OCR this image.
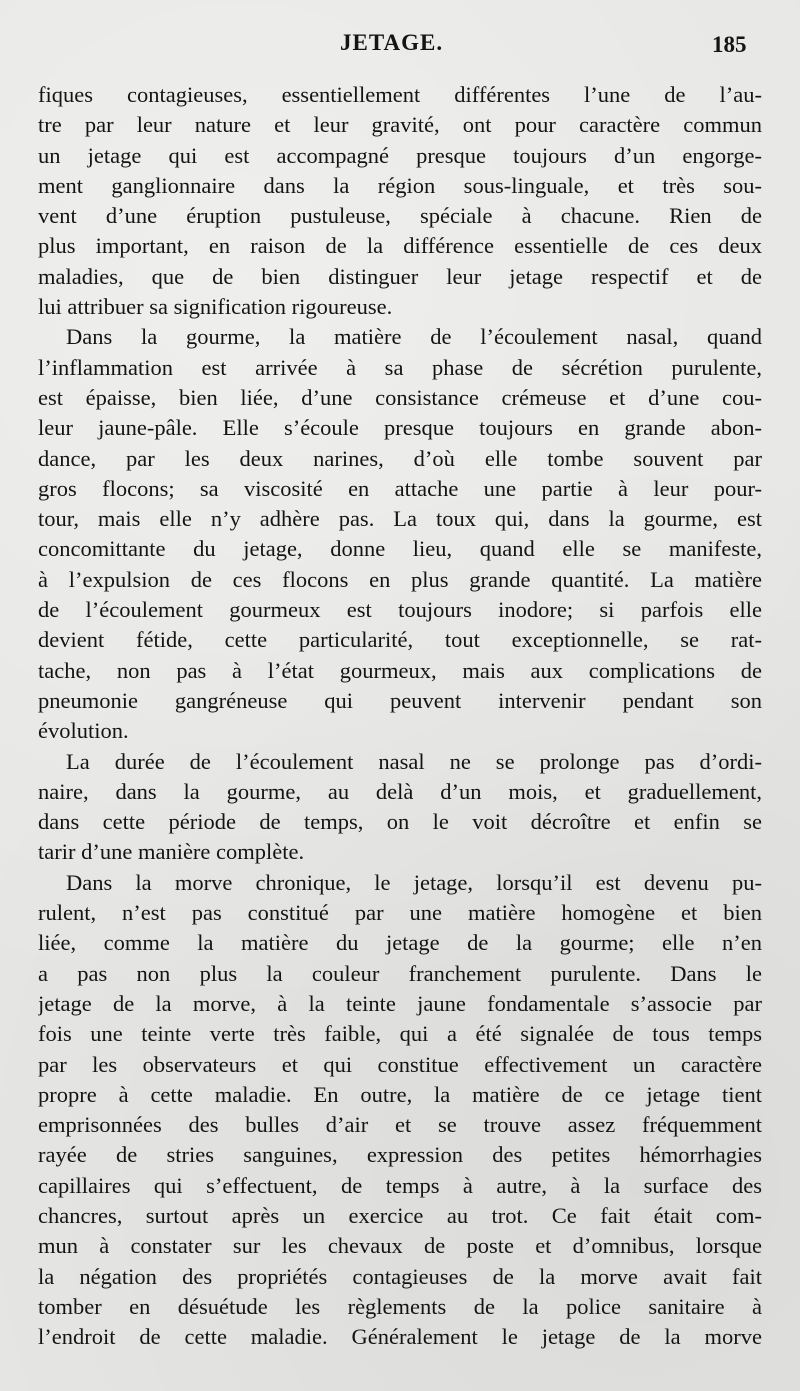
JETAGE.	185
fiques contagieuses, essentiellement différentes l’une de l’au-
tre par leur nature et leur gravité, ont pour caractère commun
un jetage qui est accompagné presque toujours d’un engorge-
ment ganglionnaire dans la région sous-linguale, et très sou-
vent d’une éruption pustuleuse, spéciale à chacune. Rien de
plus important, en raison de la différence essentielle de ces deux
maladies, que de bien distinguer leur jetage respectif et de
lui attribuer sa signification rigoureuse.
Dans la gourme, la matière de l’écoulement nasal, quand
l’inflammation est arrivée à sa phase de sécrétion purulente,
est épaisse, bien liée, d’une consistance crémeuse et d’une cou-
leur jaune-pâle. Elle s’écoule presque toujours en grande abon-
dance, par les deux narines, d’où elle tombe souvent par
gros flocons; sa viscosité en attache une partie à leur pour-
tour, mais elle n’y adhère pas. La toux qui, dans la gourme, est
concomittante du jetage, donne lieu, quand elle se manifeste,
à l’expulsion de ces flocons en plus grande quantité. La matière
de l’écoulement gourmeux est toujours inodore; si parfois elle
devient fétide, cette particularité, tout exceptionnelle, se rat-
tache, non pas à l’état gourmeux, mais aux complications de
pneumonie gangréneuse qui peuvent intervenir pendant son
évolution.
La durée de l’écoulement nasal ne se prolonge pas d’ordi-
naire, dans la gourme, au delà d’un mois, et graduellement,
dans cette période de temps, on le voit décroître et enfin se
tarir d’une manière complète.
Dans la morve chronique, le jetage, lorsqu’il est devenu pu-
rulent, n’est pas constitué par une matière homogène et bien
liée, comme la matière du jetage de la gourme; elle n’en
a pas non plus la couleur franchement purulente. Dans le
jetage de la morve, à la teinte jaune fondamentale s’associe par
fois une teinte verte très faible, qui a été signalée de tous temps
par les observateurs et qui constitue effectivement un caractère
propre à cette maladie. En outre, la matière de ce jetage tient
emprisonnées des bulles d’air et se trouve assez fréquemment
rayée de stries sanguines, expression des petites hémorrhagies
capillaires qui s’effectuent, de temps à autre, à la surface des
chancres, surtout après un exercice au trot. Ce fait était com-
mun à constater sur les chevaux de poste et d’omnibus, lorsque
la négation des propriétés contagieuses de la morve avait fait
tomber en désuétude les règlements de la police sanitaire à
l’endroit de cette maladie. Généralement le jetage de la morve
